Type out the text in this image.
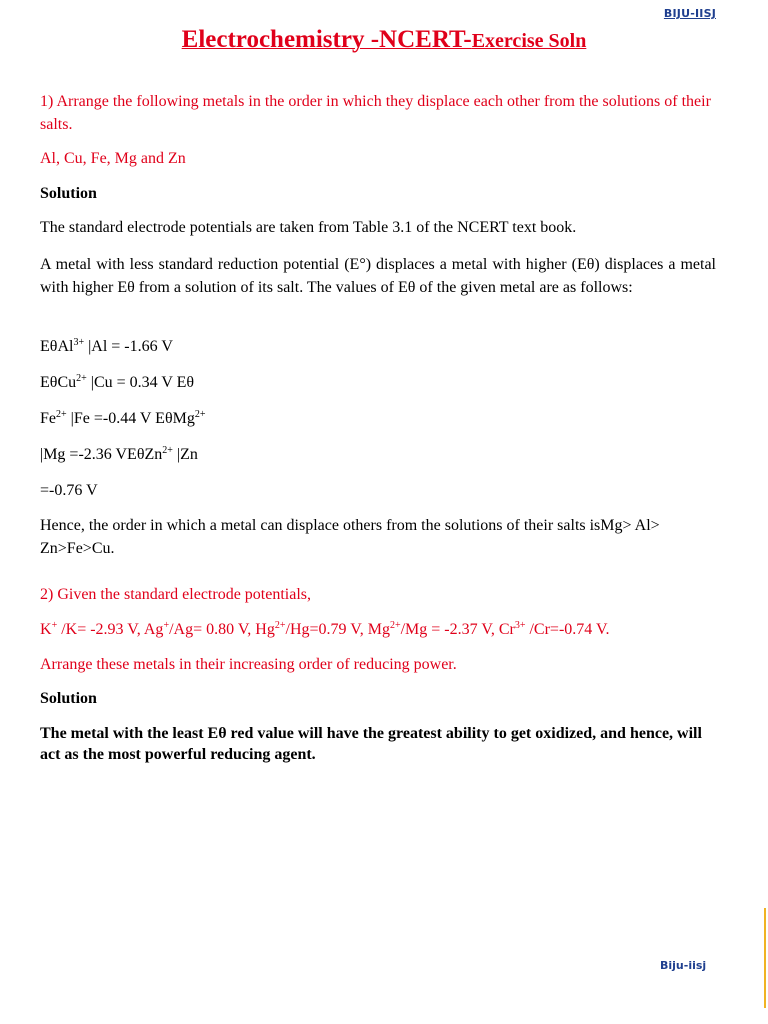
BIJU-IISJ
Electrochemistry -NCERT-Exercise Soln

1) Arrange the following metals in the order in which they displace each other from the solutions of their salts.

Al, Cu, Fe, Mg and Zn

Solution

The standard electrode potentials are taken from Table 3.1 of the NCERT text book.

A metal with less standard reduction potential (E°) displaces a metal with higher (Eθ) displaces a metal with higher Eθ from a solution of its salt. The values of Eθ of the given metal are as follows:

EθAl$^{3+}$ |Al = -1.66 V

EθCu$^{2+}$ |Cu = 0.34 V Eθ

$Fe^{2+}$ |Fe =-0.44 V EθMg$^{2+}$

|Mg =-2.36 VEθZn$^{2+}$ |Zn

=-0.76 V

Hence, the order in which a metal can displace others from the solutions of their salts isMg> Al> Zn>Fe>Cu.

2) Given the standard electrode potentials,

K+ /K= -2.93 V, Ag+/Ag= 0.80 V, $Hg^{2+}/Hg=0.79$ V, $Mg^{2+}/Mg = -2.37$ V, $Cr^{3+}$ /Cr=-0.74 V.

Arrange these metals in their increasing order of reducing power.

Solution

The metal with the least Eθ red value will have the greatest ability to get oxidized, and hence, will act as the most powerful reducing agent.

Biju-iisj
